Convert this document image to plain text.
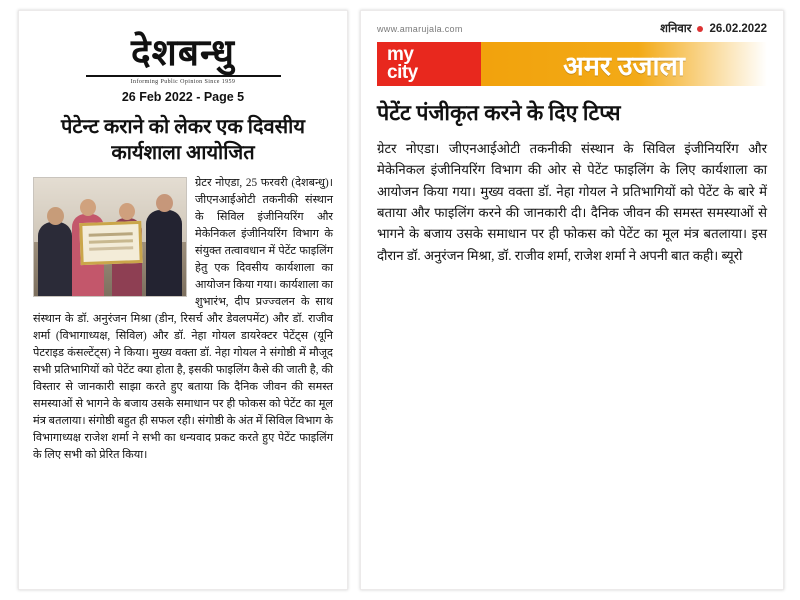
देशबन्धु
Informing Public Opinion Since 1959
26 Feb 2022 - Page 5
पेटेन्ट कराने को लेकर एक दिवसीय कार्यशाला आयोजित
ग्रेटर नोएडा, 25 फरवरी (देशबन्धु)। जीएनआईओटी तकनीकी संस्थान के सिविल इंजीनियरिंग और मेकेनिकल इंजीनियरिंग विभाग के संयुक्त तत्वावधान में पेटेंट फाइलिंग हेतु एक दिवसीय कार्यशाला का आयोजन किया गया। कार्यशाला का शुभारंभ, दीप प्रज्ज्वलन के साथ संस्थान के डॉ. अनुरंजन मिश्रा (डीन, रिसर्च और डेवलपमेंट) और डॉ. राजीव शर्मा (विभागाध्यक्ष, सिविल) और डॉ. नेहा गोयल डायरेक्टर पेटेंट्स (यूनि पेटराइड कंसल्टेंट्स) ने किया। मुख्य वक्ता डॉ. नेहा गोयल ने संगोष्ठी में मौजूद सभी प्रतिभागियों को पेटेंट क्या होता है, इसकी फाइलिंग कैसे की जाती है, की विस्तार से जानकारी साझा करते हुए बताया कि दैनिक जीवन की समस्त समस्याओं से भागने के बजाय उसके समाधान पर ही फोकस को पेटेंट का मूल मंत्र बतलाया। संगोष्ठी बहुत ही सफल रही। संगोष्ठी के अंत में सिविल विभाग के विभागाध्यक्ष राजेश शर्मा ने सभी का धन्यवाद प्रकट करते हुए पेटेंट फाइलिंग के लिए सभी को प्रेरित किया।
www.amarujala.com	शनिवार 26.02.2022
my
city	अमर उजाला
पेटेंट पंजीकृत करने के दिए टिप्स
ग्रेटर नोएडा। जीएनआईओटी तकनीकी संस्थान के सिविल इंजीनियरिंग और मेकेनिकल इंजीनियरिंग विभाग की ओर से पेटेंट फाइलिंग के लिए कार्यशाला का आयोजन किया गया। मुख्य वक्ता डॉ. नेहा गोयल ने प्रतिभागियों को पेटेंट के बारे में बताया और फाइलिंग करने की जानकारी दी। दैनिक जीवन की समस्त समस्याओं से भागने के बजाय उसके समाधान पर ही फोकस को पेटेंट का मूल मंत्र बतलाया। इस दौरान डॉ. अनुरंजन मिश्रा, डॉ. राजीव शर्मा, राजेश शर्मा ने अपनी बात कही। ब्यूरो
